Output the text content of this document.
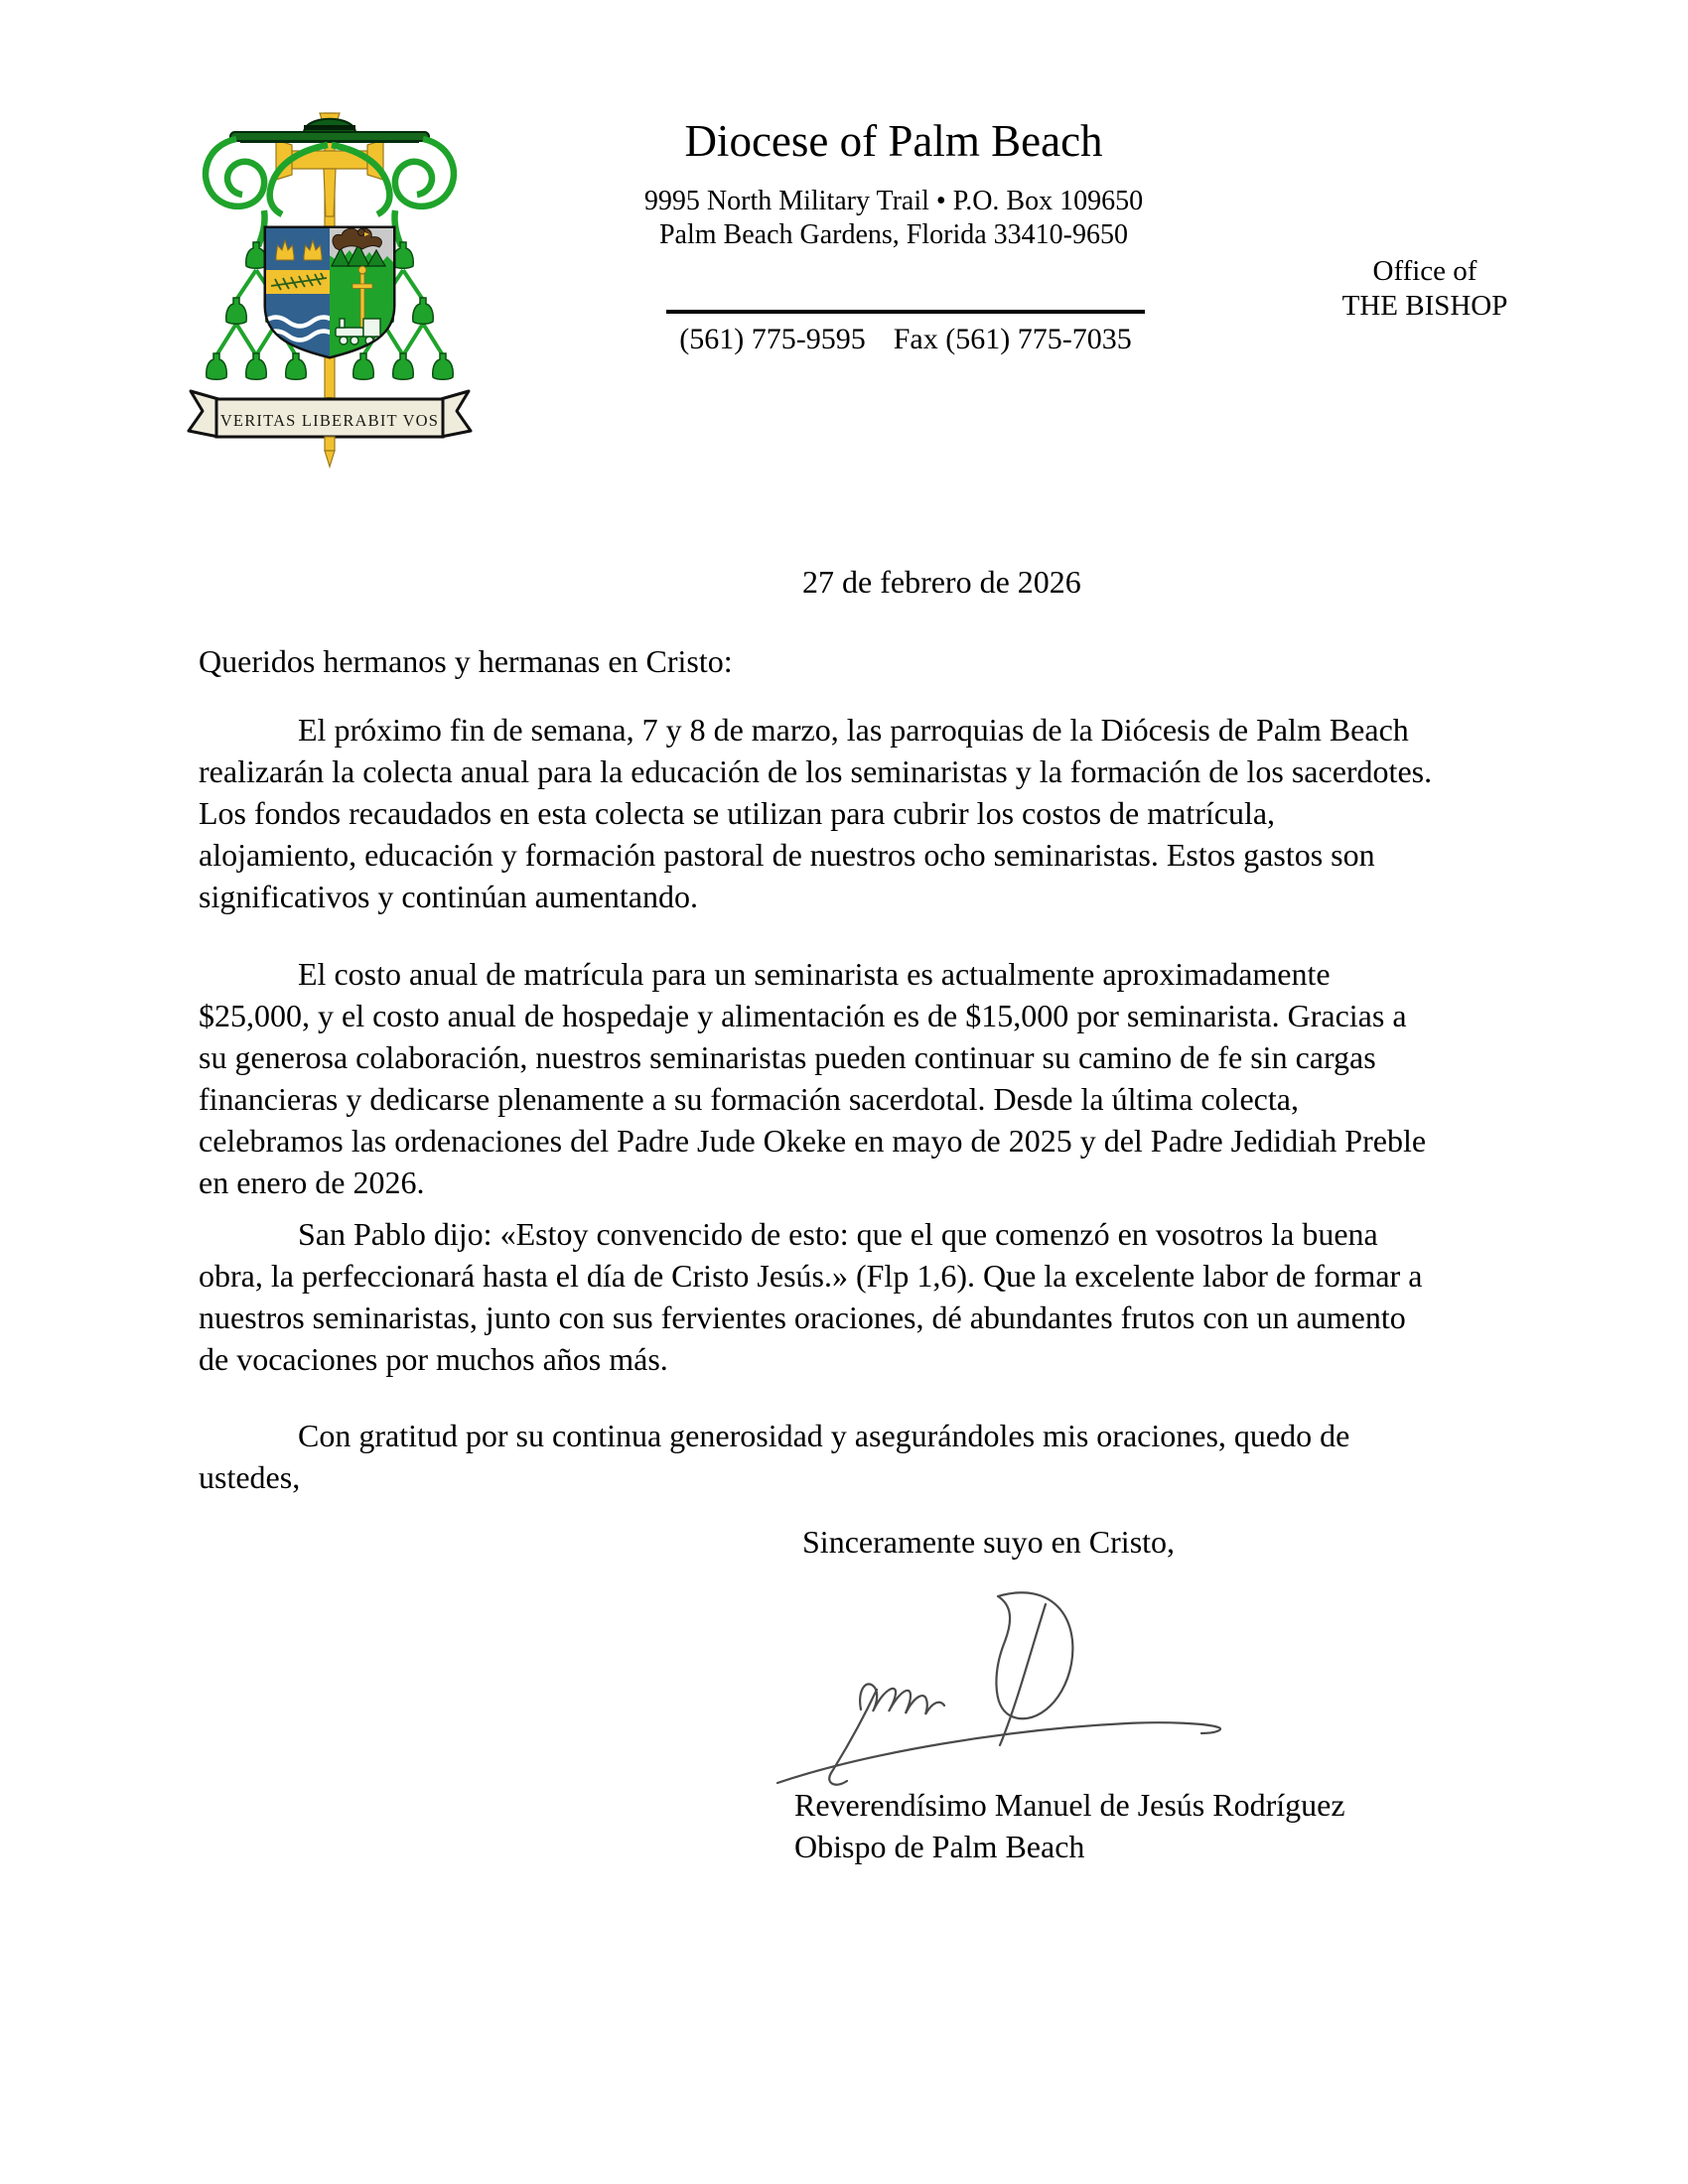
VERITAS LIBERABIT VOS
Diocese of Palm Beach
9995 North Military Trail • P.O. Box 109650
Palm Beach Gardens, Florida 33410-9650
(561) 775-9595 Fax (561) 775-7035
Office of
THE BISHOP
27 de febrero de 2026
Queridos hermanos y hermanas en Cristo:
El próximo fin de semana, 7 y 8 de marzo, las parroquias de la Diócesis de Palm Beach
realizarán la colecta anual para la educación de los seminaristas y la formación de los sacerdotes.
Los fondos recaudados en esta colecta se utilizan para cubrir los costos de matrícula,
alojamiento, educación y formación pastoral de nuestros ocho seminaristas. Estos gastos son
significativos y continúan aumentando.
El costo anual de matrícula para un seminarista es actualmente aproximadamente
$25,000, y el costo anual de hospedaje y alimentación es de $15,000 por seminarista. Gracias a
su generosa colaboración, nuestros seminaristas pueden continuar su camino de fe sin cargas
financieras y dedicarse plenamente a su formación sacerdotal. Desde la última colecta,
celebramos las ordenaciones del Padre Jude Okeke en mayo de 2025 y del Padre Jedidiah Preble
en enero de 2026.
San Pablo dijo: «Estoy convencido de esto: que el que comenzó en vosotros la buena
obra, la perfeccionará hasta el día de Cristo Jesús.» (Flp 1,6). Que la excelente labor de formar a
nuestros seminaristas, junto con sus fervientes oraciones, dé abundantes frutos con un aumento
de vocaciones por muchos años más.
Con gratitud por su continua generosidad y asegurándoles mis oraciones, quedo de
ustedes,
Sinceramente suyo en Cristo,
Reverendísimo Manuel de Jesús Rodríguez
Obispo de Palm Beach
